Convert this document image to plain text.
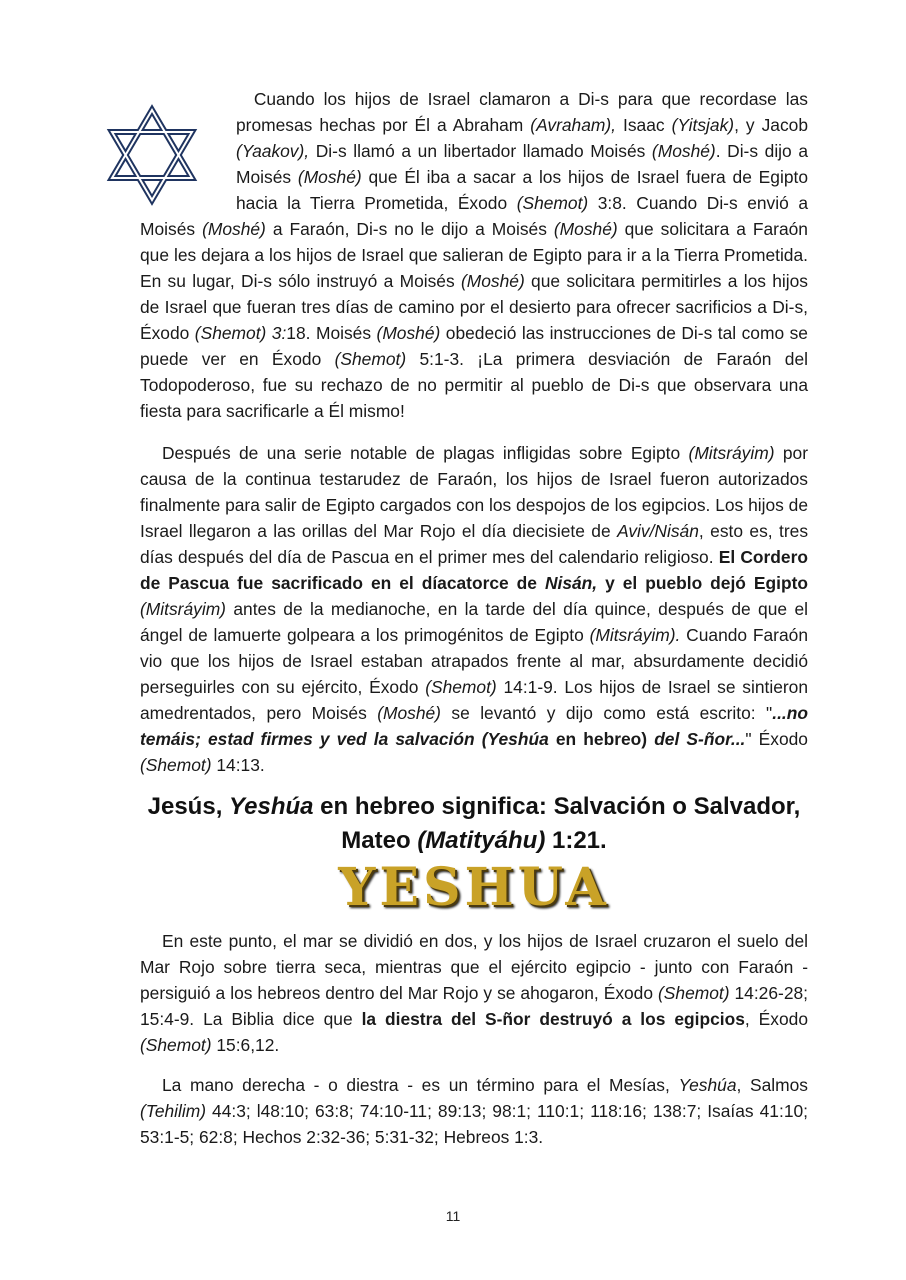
Cuando los hijos de Israel clamaron a Di-s para que recordase las promesas hechas por Él a Abraham (Avraham), Isaac (Yitsjak), y Jacob (Yaakov), Di-s llamó a un libertador llamado Moisés (Moshé). Di-s dijo a Moisés (Moshé) que Él iba a sacar a los hijos de Israel fuera de Egipto hacia la Tierra Prometida, Éxodo (Shemot) 3:8. Cuando Di-s envió a Moisés (Moshé) a Faraón, Di-s no le dijo a Moisés (Moshé) que solicitara a Faraón que les dejara a los hijos de Israel que salieran de Egipto para ir a la Tierra Prometida. En su lugar, Di-s sólo instruyó a Moisés (Moshé) que solicitara permitirles a los hijos de Israel que fueran tres días de camino por el desierto para ofrecer sacrificios a Di-s, Éxodo (Shemot) 3:18. Moisés (Moshé) obedeció las instrucciones de Di-s tal como se puede ver en Éxodo (Shemot) 5:1-3. ¡La primera desviación de Faraón del Todopoderoso, fue su rechazo de no permitir al pueblo de Di-s que observara una fiesta para sacrificarle a Él mismo!

Después de una serie notable de plagas infligidas sobre Egipto (Mitsráyim) por causa de la continua testarudez de Faraón, los hijos de Israel fueron autorizados finalmente para salir de Egipto cargados con los despojos de los egipcios. Los hijos de Israel llegaron a las orillas del Mar Rojo el día diecisiete de Aviv/Nisán, esto es, tres días después del día de Pascua en el primer mes del calendario religioso. El Cordero de Pascua fue sacrificado en el díacatorce de Nisán, y el pueblo dejó Egipto (Mitsráyim) antes de la medianoche, en la tarde del día quince, después de que el ángel de lamuerte golpeara a los primogénitos de Egipto (Mitsráyim). Cuando Faraón vio que los hijos de Israel estaban atrapados frente al mar, absurdamente decidió perseguirles con su ejército, Éxodo (Shemot) 14:1-9. Los hijos de Israel se sintieron amedrentados, pero Moisés (Moshé) se levantó y dijo como está escrito: "...no temáis; estad firmes y ved la salvación (Yeshúa en hebreo) del S-ñor..." Éxodo (Shemot) 14:13.

Jesús, Yeshúa en hebreo significa: Salvación o Salvador,
Mateo (Matityáhu) 1:21.
YESHUA

En este punto, el mar se dividió en dos, y los hijos de Israel cruzaron el suelo del Mar Rojo sobre tierra seca, mientras que el ejército egipcio - junto con Faraón - persiguió a los hebreos dentro del Mar Rojo y se ahogaron, Éxodo (Shemot) 14:26-28; 15:4-9. La Biblia dice que la diestra del S-ñor destruyó a los egipcios, Éxodo (Shemot) 15:6,12.

La mano derecha - o diestra - es un término para el Mesías, Yeshúa, Salmos (Tehilim) 44:3; l48:10; 63:8; 74:10-11; 89:13; 98:1; 110:1; 118:16; 138:7; Isaías 41:10; 53:1-5; 62:8; Hechos 2:32-36; 5:31-32; Hebreos 1:3.

11
